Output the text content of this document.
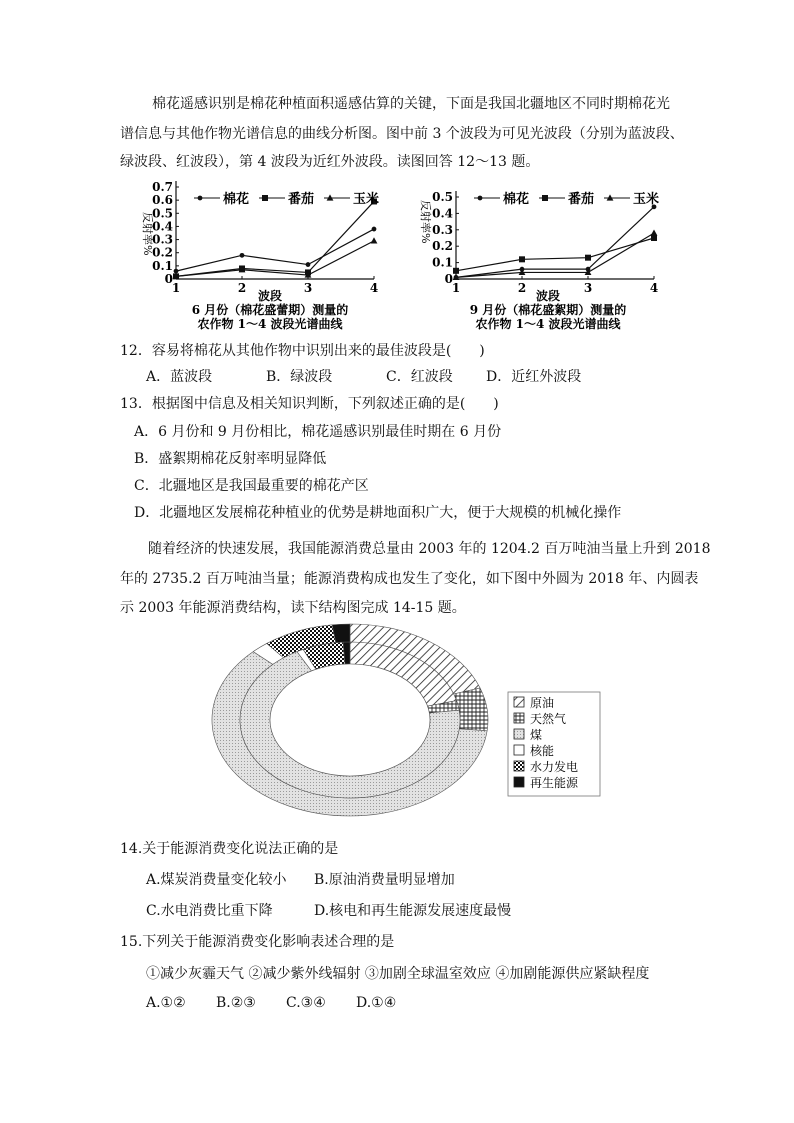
棉花遥感识别是棉花种植面积遥感估算的关键，下面是我国北疆地区不同时期棉花光
谱信息与其他作物光谱信息的曲线分析图。图中前 3 个波段为可见光波段（分别为蓝波段、
绿波段、红波段），第 4 波段为近红外波段。读图回答 12～13 题。
0
0.1
0.2
0.3
0.4
0.5
0.6
0.7
1	2	3	4
棉花	番茄	玉米
反射率%
波段
6 月份（棉花盛蕾期）测量的
农作物 1～4 波段光谱曲线
0
0.1
0.2
0.3
0.4
0.5
1	2	3	4
棉花	番茄	玉米
反射率%
波段
9 月份（棉花盛絮期）测量的
农作物 1～4 波段光谱曲线
12．容易将棉花从其他作物中识别出来的最佳波段是(　　)
A．蓝波段	B．绿波段	C．红波段 D．近红外波段
13．根据图中信息及相关知识判断，下列叙述正确的是(　　)
A．6 月份和 9 月份相比，棉花遥感识别最佳时期在 6 月份
B．盛絮期棉花反射率明显降低
C．北疆地区是我国最重要的棉花产区
D．北疆地区发展棉花种植业的优势是耕地面积广大，便于大规模的机械化操作
随着经济的快速发展，我国能源消费总量由 2003 年的 1204.2 百万吨油当量上升到 2018
年的 2735.2 百万吨油当量；能源消费构成也发生了变化，如下图中外圆为 2018 年、内圆表
示 2003 年能源消费结构，读下结构图完成 14-15 题。
原油
天然气
煤
核能
水力发电
再生能源
14.关于能源消费变化说法正确的是
A.煤炭消费量变化较小 B.原油消费量明显增加
C.水电消费比重下降	D.核电和再生能源发展速度最慢
15.下列关于能源消费变化影响表述合理的是
①减少灰霾天气 ②减少紫外线辐射 ③加剧全球温室效应 ④加剧能源供应紧缺程度
A.①② B.②③ C.③④ D.①④
